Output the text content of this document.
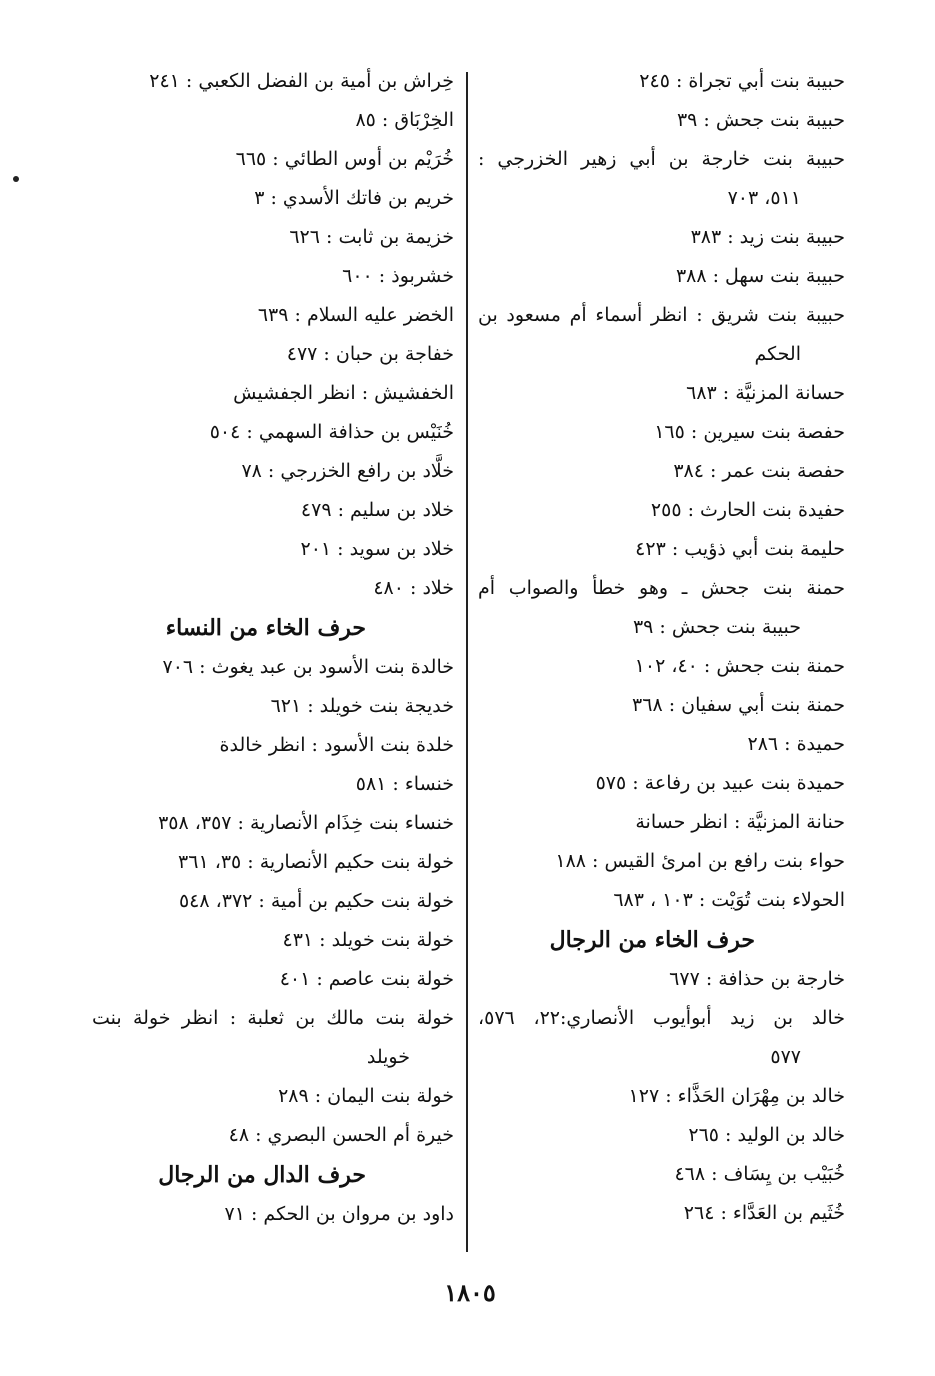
حبيبة بنت أبي تجراة : ٢٤٥
حبيبة بنت جحش : ٣٩
حبيبة بنت خارجة بن أبي زهير الخزرجي :
٥١١، ٧٠٣
حبيبة بنت زيد : ٣٨٣
حبيبة بنت سهل : ٣٨٨
حبيبة بنت شريق : انظر أسماء أم مسعود بن
الحكم
حسانة المزنيَّة : ٦٨٣
حفصة بنت سيرين : ١٦٥
حفصة بنت عمر : ٣٨٤
حفيدة بنت الحارث : ٢٥٥
حليمة بنت أبي ذؤيب : ٤٢٣
حمنة بنت جحش ـ وهو خطأ والصواب أم
حبيبة بنت جحش : ٣٩
حمنة بنت جحش : ٤٠، ١٠٢
حمنة بنت أبي سفيان : ٣٦٨
حميدة : ٢٨٦
حميدة بنت عبيد بن رفاعة : ٥٧٥
حنانة المزنيَّة : انظر حسانة
حواء بنت رافع بن امرئ القيس : ١٨٨
الحولاء بنت تُوَيْت : ١٠٣ ، ٦٨٣
حرف الخاء من الرجال
خارجة بن حذافة : ٦٧٧
خالد بن زيد أبوأيوب الأنصاري:٢٢، ٥٧٦،
٥٧٧
خالد بن مِهْرَان الحَذَّاء : ١٢٧
خالد بن الوليد : ٢٦٥
خُبَيْب بن يِسَاف : ٤٦٨
خُثَيم بن العَدَّاء : ٢٦٤
خِراش بن أمية بن الفضل الكعبي : ٢٤١
الخِرْبَاق : ٨٥
خُرَيْم بن أوس الطائي : ٦٦٥
خريم بن فاتك الأسدي : ٣
خزيمة بن ثابت : ٦٢٦
خشربوذ : ٦٠٠
الخضر عليه السلام : ٦٣٩
خفاجة بن حبان : ٤٧٧
الخفشيش : انظر الجفشيش
خُنَيْس بن حذافة السهمي : ٥٠٤
خلَّاد بن رافع الخزرجي : ٧٨
خلاد بن سليم : ٤٧٩
خلاد بن سويد : ٢٠١
خلاد : ٤٨٠
حرف الخاء من النساء
خالدة بنت الأسود بن عبد يغوث : ٧٠٦
خديجة بنت خويلد : ٦٢١
خلدة بنت الأسود : انظر خالدة
خنساء : ٥٨١
خنساء بنت خِذَام الأنصارية : ٣٥٧، ٣٥٨
خولة بنت حكيم الأنصارية : ٣٥، ٣٦١
خولة بنت حكيم بن أمية : ٣٧٢، ٥٤٨
خولة بنت خويلد : ٤٣١
خولة بنت عاصم : ٤٠١
خولة بنت مالك بن ثعلبة : انظر خولة بنت
خويلد
خولة بنت اليمان : ٢٨٩
خيرة أم الحسن البصري : ٤٨
حرف الدال من الرجال
داود بن مروان بن الحكم : ٧١
١٨٠٥
